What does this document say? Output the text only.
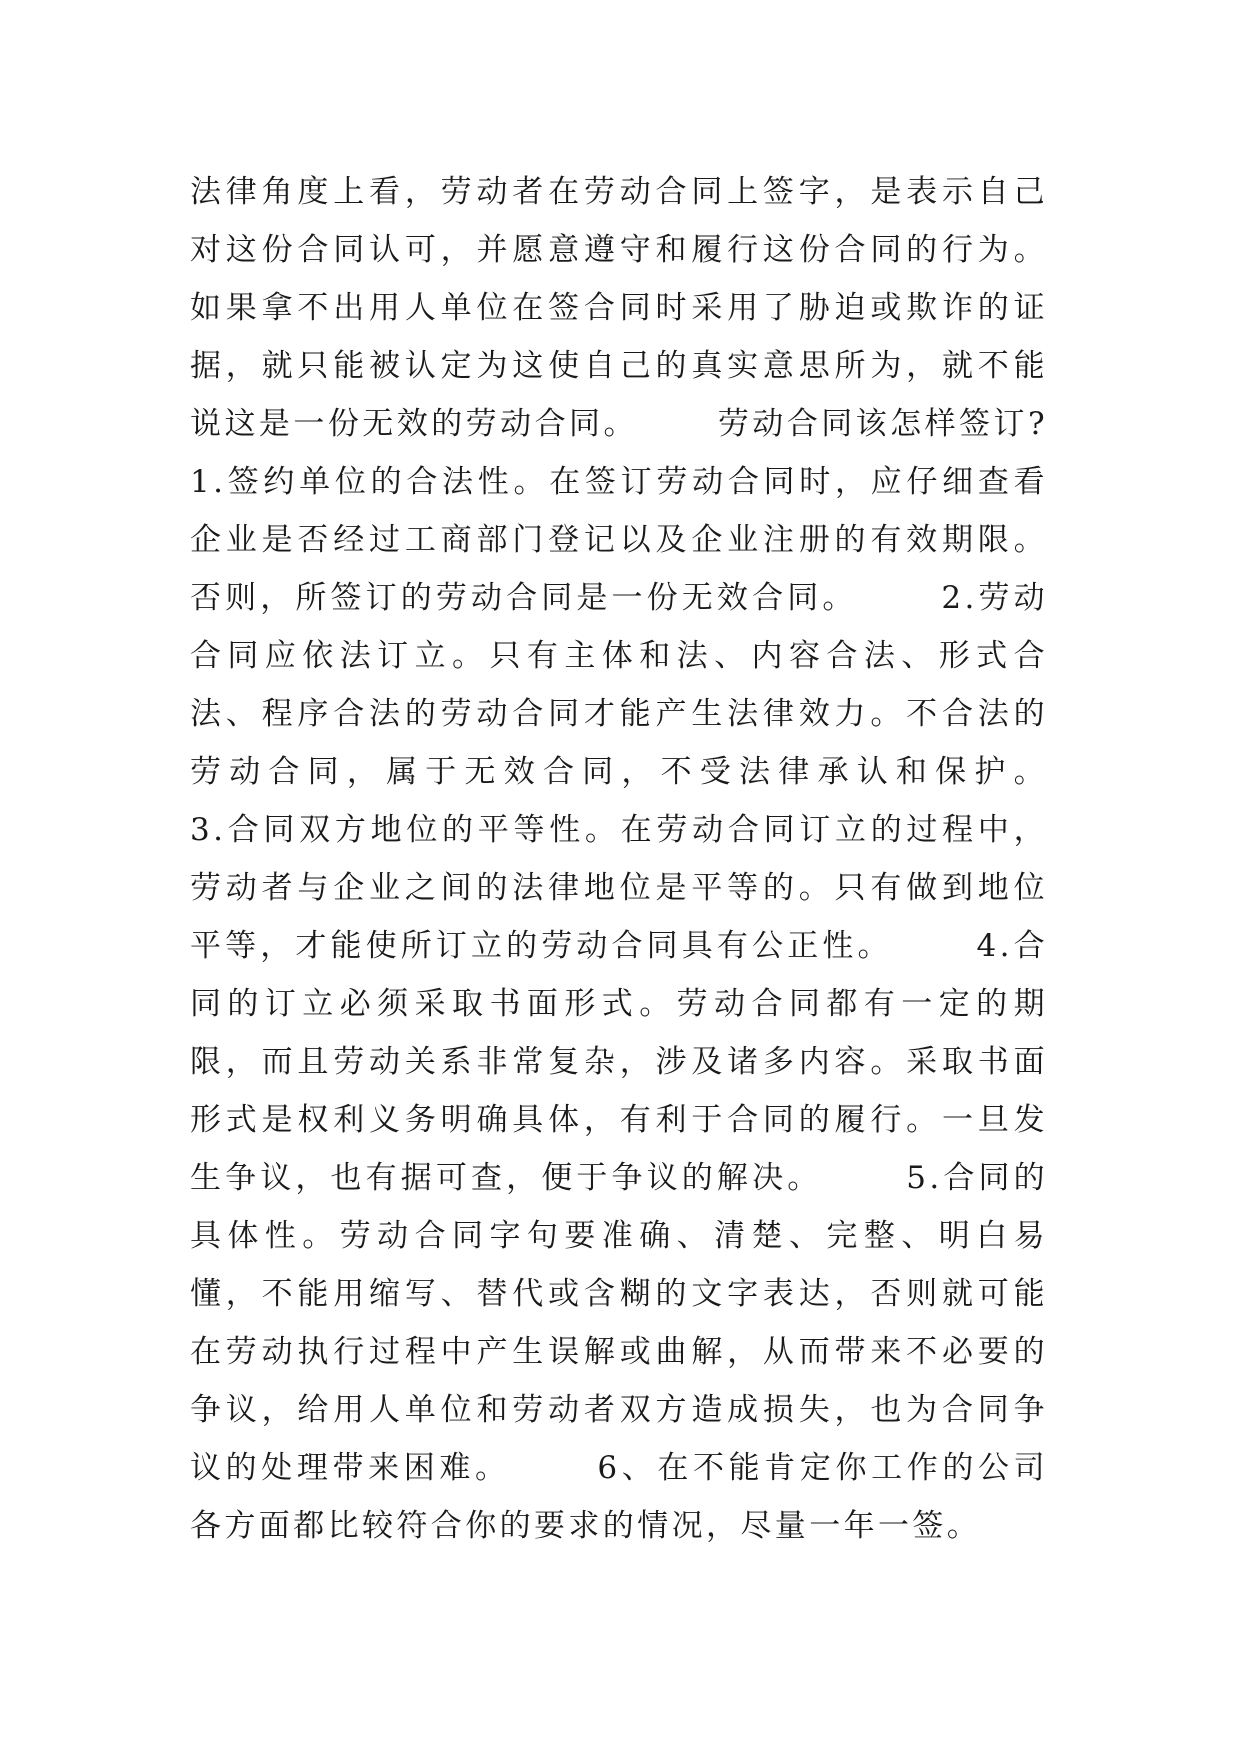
法律角度上看，劳动者在劳动合同上签字，是表示自己对这份合同认可，并愿意遵守和履行这份合同的行为。如果拿不出用人单位在签合同时采用了胁迫或欺诈的证据，就只能被认定为这使自己的真实意思所为，就不能说这是一份无效的劳动合同。      劳动合同该怎样签订?      1.签约单位的合法性。在签订劳动合同时，应仔细查看企业是否经过工商部门登记以及企业注册的有效期限。否则，所签订的劳动合同是一份无效合同。      2.劳动合同应依法订立。只有主体和法、内容合法、形式合法、程序合法的劳动合同才能产生法律效力。不合法的劳动合同，属于无效合同，不受法律承认和保护。      3.合同双方地位的平等性。在劳动合同订立的过程中，劳动者与企业之间的法律地位是平等的。只有做到地位平等，才能使所订立的劳动合同具有公正性。      4.合同的订立必须采取书面形式。劳动合同都有一定的期限，而且劳动关系非常复杂，涉及诸多内容。采取书面形式是权利义务明确具体，有利于合同的履行。一旦发生争议，也有据可查，便于争议的解决。      5.合同的具体性。劳动合同字句要准确、清楚、完整、明白易懂，不能用缩写、替代或含糊的文字表达，否则就可能在劳动执行过程中产生误解或曲解，从而带来不必要的争议，给用人单位和劳动者双方造成损失，也为合同争议的处理带来困难。      6、在不能肯定你工作的公司各方面都比较符合你的要求的情况，尽量一年一签。
